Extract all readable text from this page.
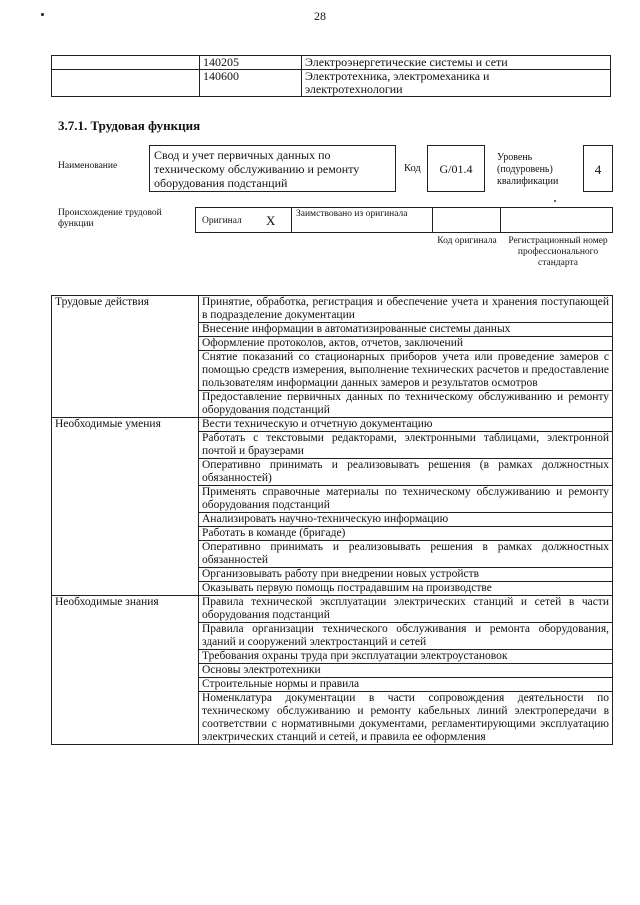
28
	140205	Электроэнергетические системы и сети
	140600	Электротехника, электромеханика и электротехнологии
3.7.1. Трудовая функция
Наименование
Свод и учет первичных данных по техническому обслуживанию и ремонту оборудования подстанций
Код	G/01.4
Уровень (подуровень) квалификации
4
Происхождение трудовой функции	Оригинал X Заимствовано из оригинала
Код оригинала Регистрационный номер профессионального стандарта
Трудовые действия	Принятие, обработка, регистрация и обеспечение учета и хранения поступающей в подразделение документации
	Внесение информации в автоматизированные системы данных
	Оформление протоколов, актов, отчетов, заключений
	Снятие показаний со стационарных приборов учета или проведение замеров с помощью средств измерения, выполнение технических расчетов и предоставление пользователям информации данных замеров и результатов осмотров
	Предоставление первичных данных по техническому обслуживанию и ремонту оборудования подстанций
Необходимые умения	Вести техническую и отчетную документацию
	Работать с текстовыми редакторами, электронными таблицами, электронной почтой и браузерами
	Оперативно принимать и реализовывать решения (в рамках должностных обязанностей)
	Применять справочные материалы по техническому обслуживанию и ремонту оборудования подстанций
	Анализировать научно-техническую информацию
	Работать в команде (бригаде)
	Оперативно принимать и реализовывать решения в рамках должностных обязанностей
	Организовывать работу при внедрении новых устройств
	Оказывать первую помощь пострадавшим на производстве
Необходимые знания	Правила технической эксплуатации электрических станций и сетей в части оборудования подстанций
	Правила организации технического обслуживания и ремонта оборудования, зданий и сооружений электростанций и сетей
	Требования охраны труда при эксплуатации электроустановок
	Основы электротехники
	Строительные нормы и правила
	Номенклатура документации в части сопровождения деятельности по техническому обслуживанию и ремонту кабельных линий электропередачи в соответствии с нормативными документами, регламентирующими эксплуатацию электрических станций и сетей, и правила ее оформления
